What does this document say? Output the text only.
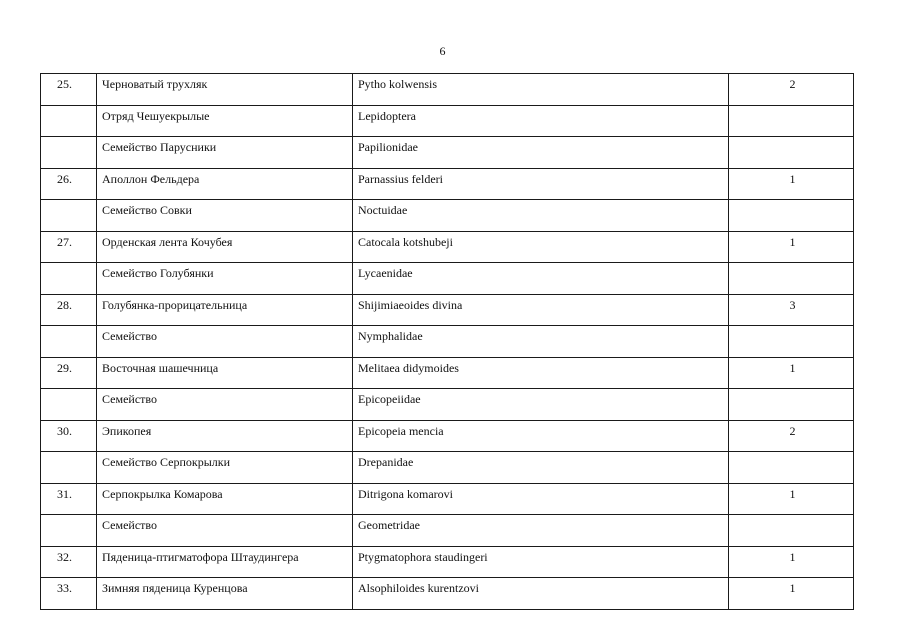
6
25.	Черноватый трухляк	Pytho kolwensis	2
	Отряд Чешуекрылые	Lepidoptera	
	Семейство Парусники	Papilionidae	
26.	Аполлон Фельдера	Parnassius felderi	1
	Семейство Совки	Noctuidae	
27.	Орденская лента Кочубея	Catocala kotshubeji	1
	Семейство Голубянки	Lycaenidae	
28.	Голубянка-прорицательница	Shijimiaeoides divina	3
	Семейство	Nymphalidae	
29.	Восточная шашечница	Melitaea didymoides	1
	Семейство	Epicopeiidae	
30.	Эпикопея	Epicopeia mencia	2
	Семейство Серпокрылки	Drepanidae	
31.	Серпокрылка Комарова	Ditrigona komarovi	1
	Семейство	Geometridae	
32.	Пяденица-птигматофора Штаудингера	Ptygmatophora staudingeri	1
33.	Зимняя пяденица Куренцова	Alsophiloides kurentzovi	1
